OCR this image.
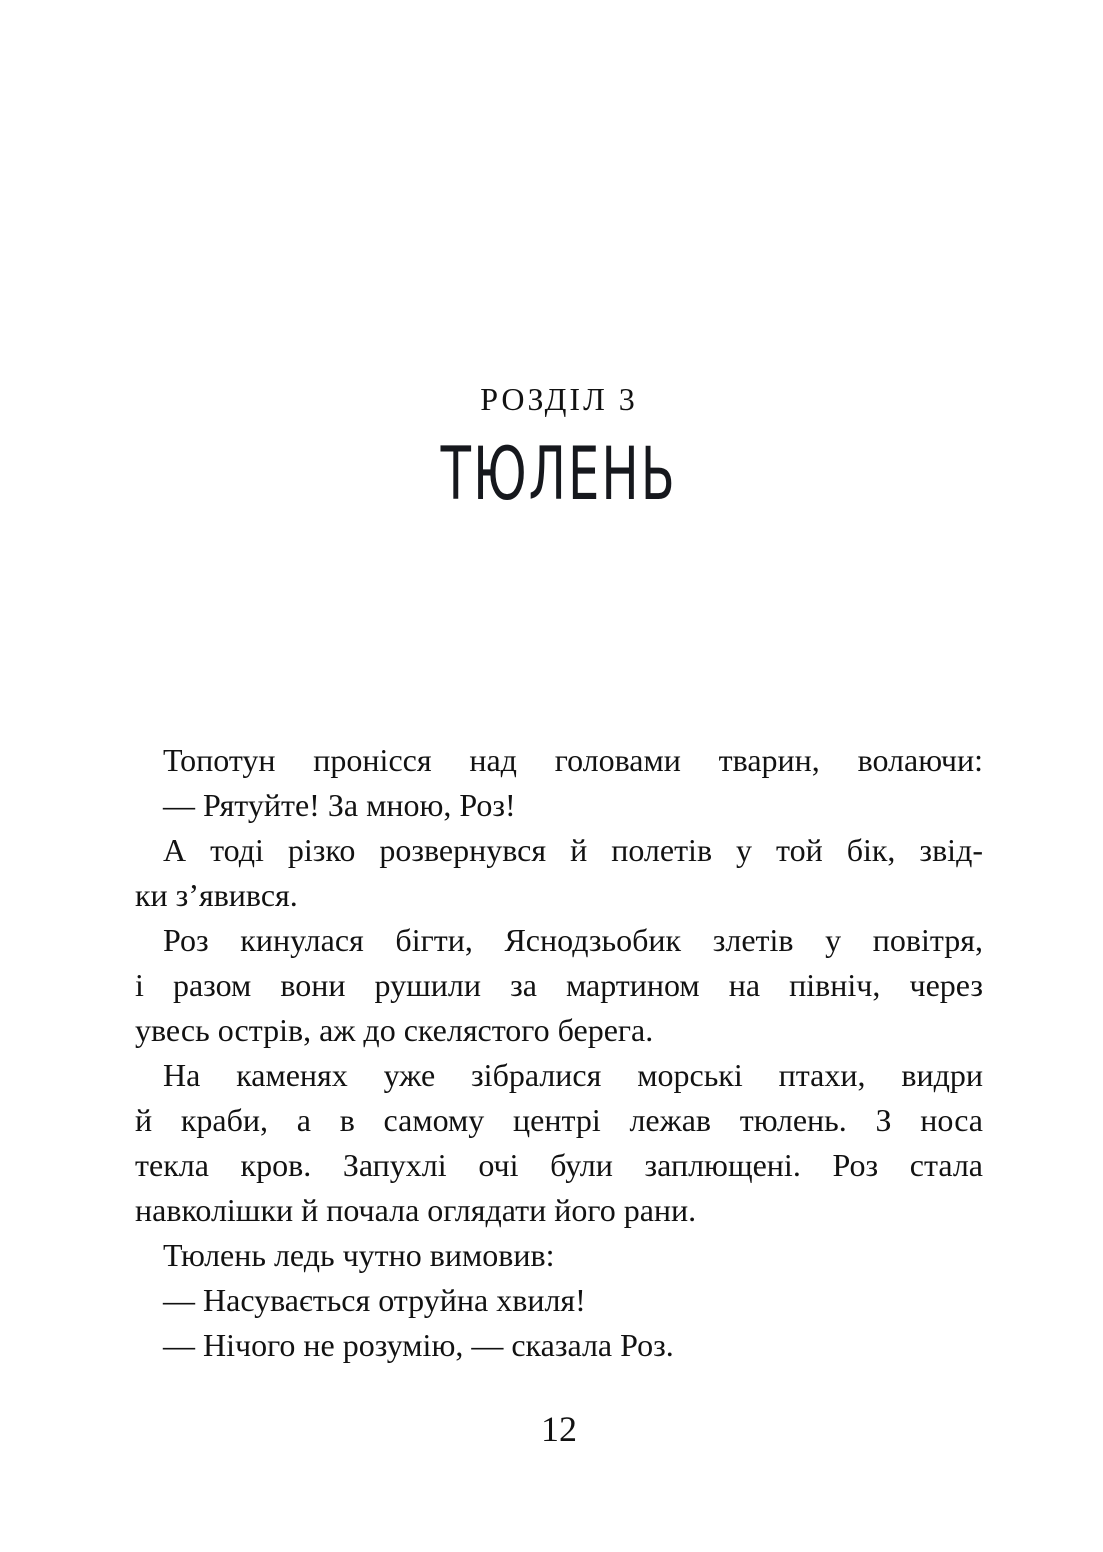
РОЗДІЛ 3
ТЮЛЕНЬ
Топотун пронісся над головами тварин, волаючи:
— Рятуйте! За мною, Роз!
А тоді різко розвернувся й полетів у той бік, звід-
ки з’явився.
Роз кинулася бігти, Яснодзьобик злетів у повітря,
і разом вони рушили за мартином на північ, через
увесь острів, аж до скелястого берега.
На каменях уже зібралися морські птахи, видри
й краби, а в самому центрі лежав тюлень. З носа
текла кров. Запухлі очі були заплющені. Роз стала
навколішки й почала оглядати його рани.
Тюлень ледь чутно вимовив:
— Насувається отруйна хвиля!
— Нічого не розумію, — сказала Роз.
12
